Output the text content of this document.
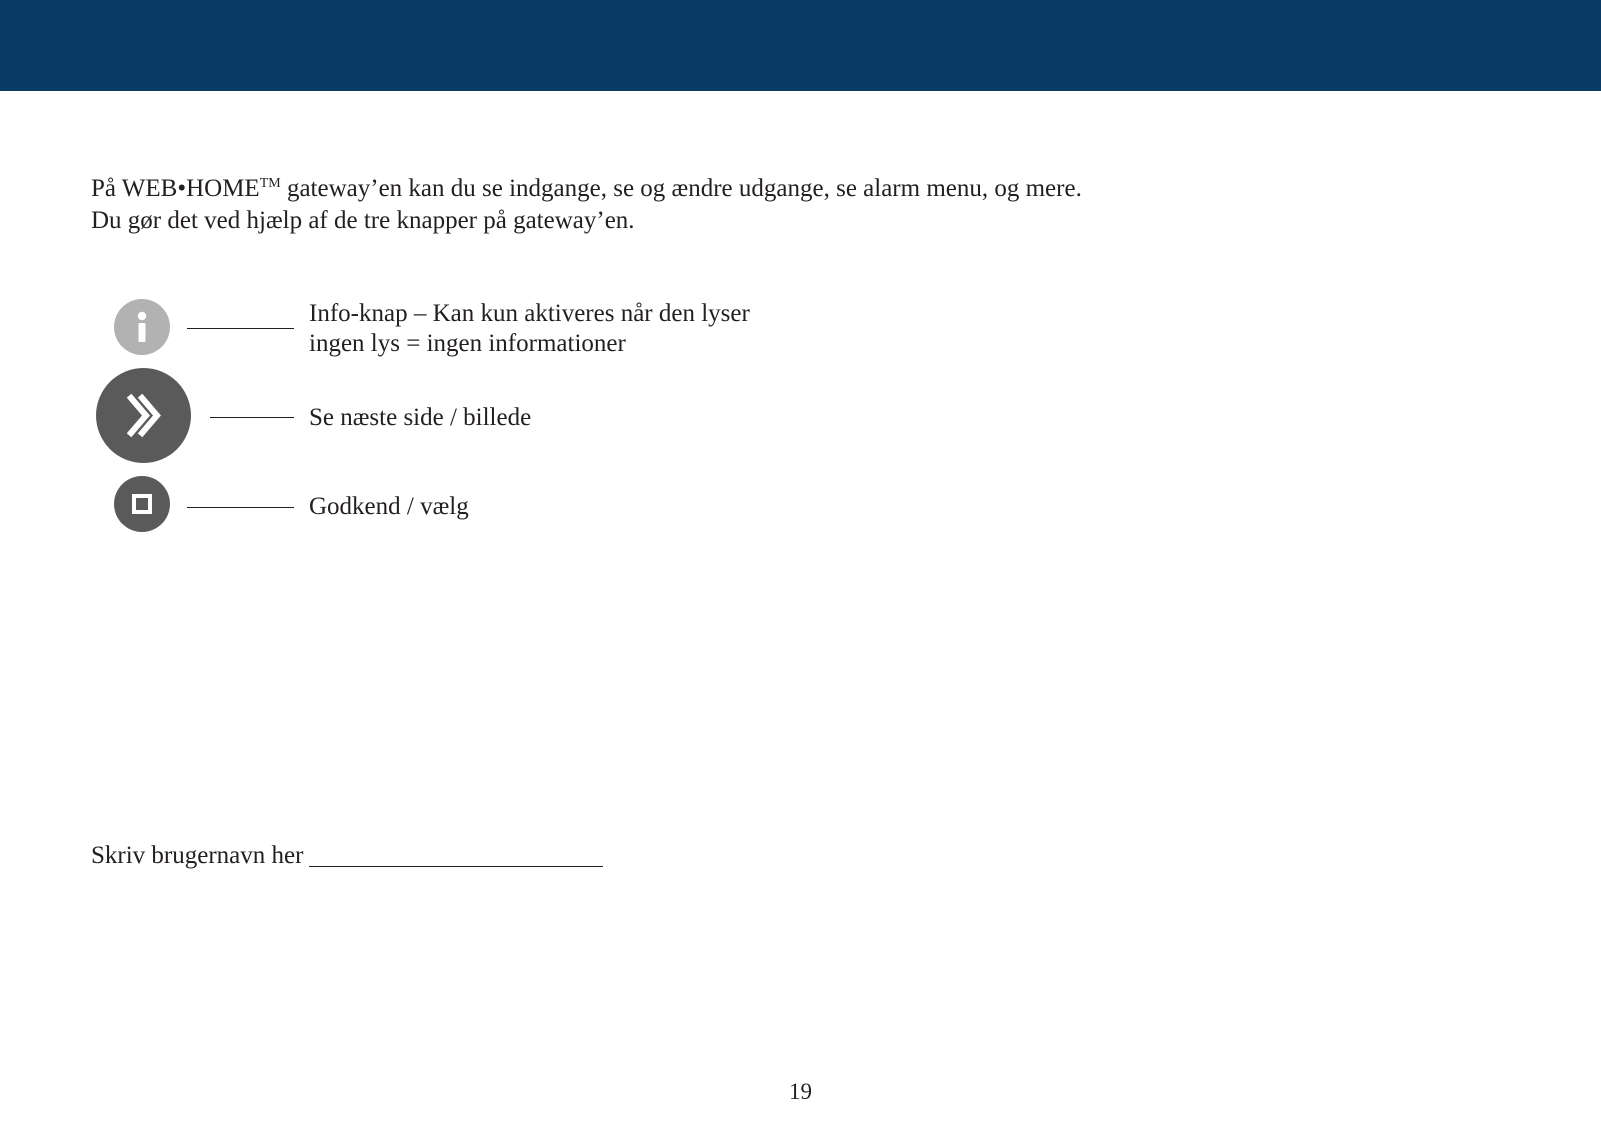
På WEB•HOME™ gateway’en kan du se indgange, se og ændre udgange, se alarm menu, og mere.

Du gør det ved hjælp af de tre knapper på gateway’en.

Info-knap – Kan kun aktiveres når den lyser

ingen lys = ingen informationer

Se næste side / billede

Godkend / vælg

Skriv brugernavn her
19
